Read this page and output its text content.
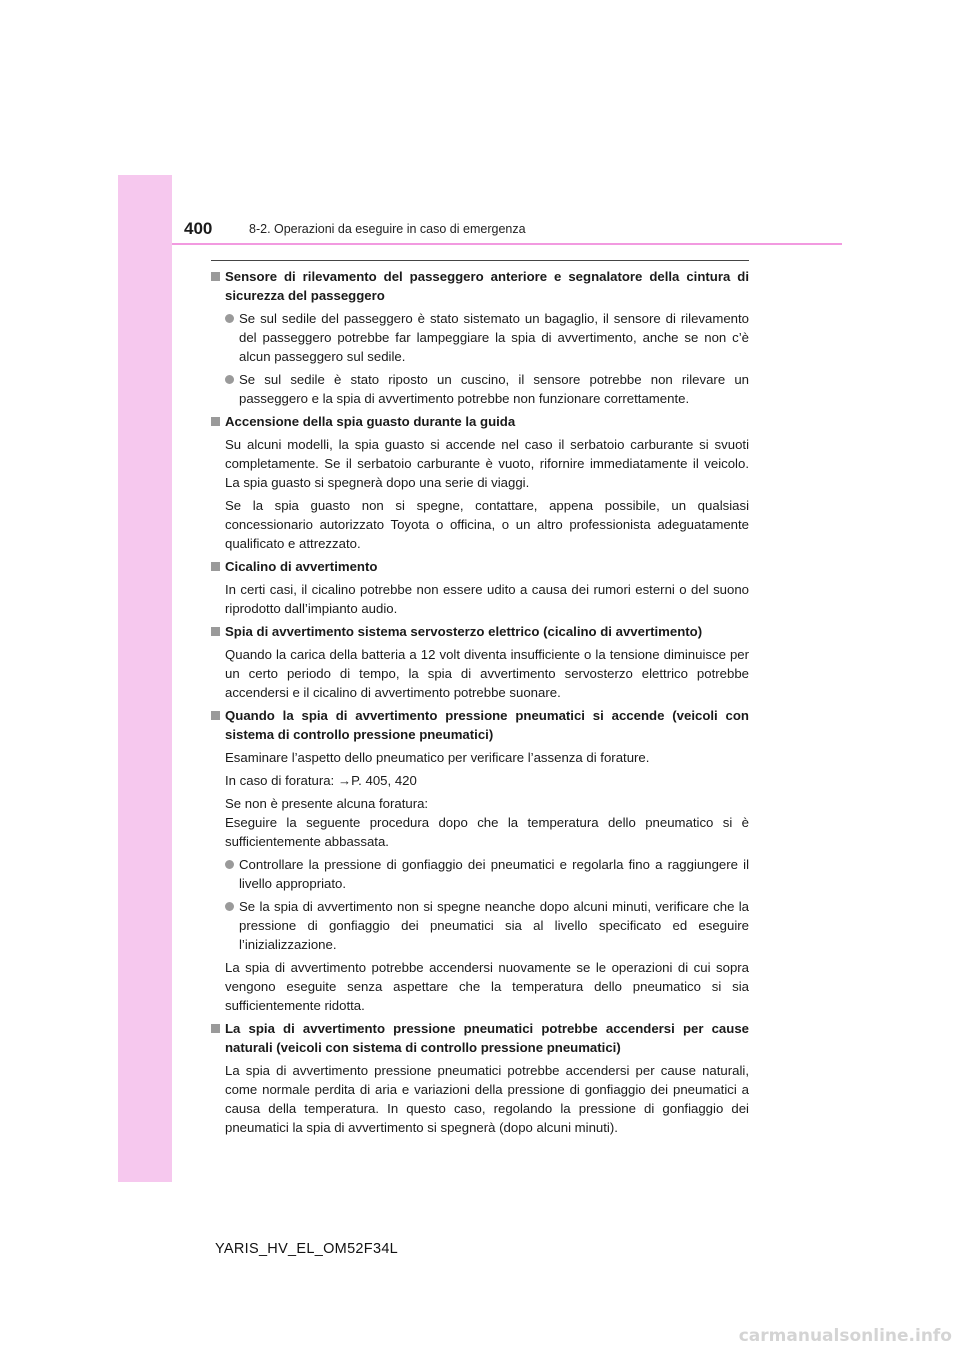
400	8-2. Operazioni da eseguire in caso di emergenza
Sensore di rilevamento del passeggero anteriore e segnalatore della cintura di sicurezza del passeggero
Se sul sedile del passeggero è stato sistemato un bagaglio, il sensore di rilevamento del passeggero potrebbe far lampeggiare la spia di avvertimento, anche se non c’è alcun passeggero sul sedile.
Se sul sedile è stato riposto un cuscino, il sensore potrebbe non rilevare un passeggero e la spia di avvertimento potrebbe non funzionare correttamente.
Accensione della spia guasto durante la guida
Su alcuni modelli, la spia guasto si accende nel caso il serbatoio carburante si svuoti completamente. Se il serbatoio carburante è vuoto, rifornire immediatamente il veicolo. La spia guasto si spegnerà dopo una serie di viaggi.
Se la spia guasto non si spegne, contattare, appena possibile, un qualsiasi concessionario autorizzato Toyota o officina, o un altro professionista adeguatamente qualificato e attrezzato.
Cicalino di avvertimento
In certi casi, il cicalino potrebbe non essere udito a causa dei rumori esterni o del suono riprodotto dall’impianto audio.
Spia di avvertimento sistema servosterzo elettrico (cicalino di avvertimento)
Quando la carica della batteria a 12 volt diventa insufficiente o la tensione diminuisce per un certo periodo di tempo, la spia di avvertimento servosterzo elettrico potrebbe accendersi e il cicalino di avvertimento potrebbe suonare.
Quando la spia di avvertimento pressione pneumatici si accende (veicoli con sistema di controllo pressione pneumatici)
Esaminare l’aspetto dello pneumatico per verificare l’assenza di forature.
In caso di foratura: →P. 405, 420
Se non è presente alcuna foratura:
Eseguire la seguente procedura dopo che la temperatura dello pneumatico si è sufficientemente abbassata.
Controllare la pressione di gonfiaggio dei pneumatici e regolarla fino a raggiungere il livello appropriato.
Se la spia di avvertimento non si spegne neanche dopo alcuni minuti, verificare che la pressione di gonfiaggio dei pneumatici sia al livello specificato ed eseguire l’inizializzazione.
La spia di avvertimento potrebbe accendersi nuovamente se le operazioni di cui sopra vengono eseguite senza aspettare che la temperatura dello pneumatico si sia sufficientemente ridotta.
La spia di avvertimento pressione pneumatici potrebbe accendersi per cause naturali (veicoli con sistema di controllo pressione pneumatici)
La spia di avvertimento pressione pneumatici potrebbe accendersi per cause naturali, come normale perdita di aria e variazioni della pressione di gonfiaggio dei pneumatici a causa della temperatura. In questo caso, regolando la pressione di gonfiaggio dei pneumatici la spia di avvertimento si spegnerà (dopo alcuni minuti).
YARIS_HV_EL_OM52F34L
carmanualsonline.info
